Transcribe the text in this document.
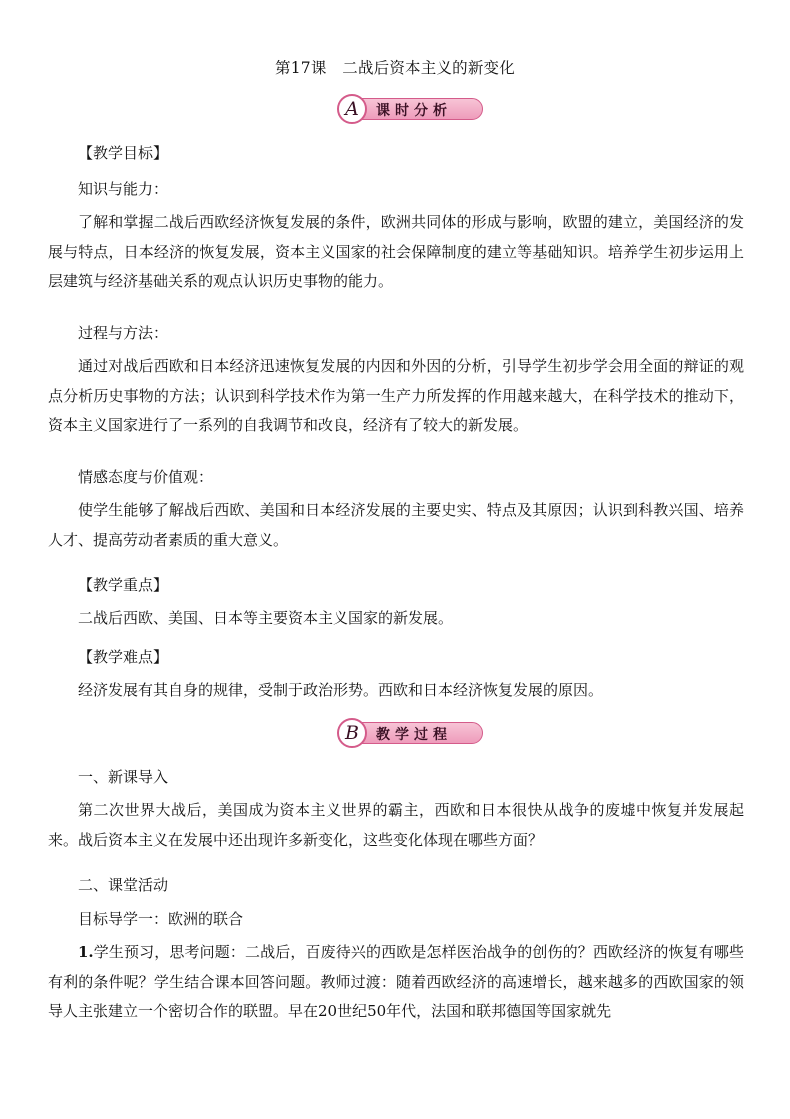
第17课　二战后资本主义的新变化
课时分析
A
【教学目标】
知识与能力：
了解和掌握二战后西欧经济恢复发展的条件，欧洲共同体的形成与影响，欧盟的建立，美国经济的发展与特点，日本经济的恢复发展，资本主义国家的社会保障制度的建立等基础知识。培养学生初步运用上层建筑与经济基础关系的观点认识历史事物的能力。
过程与方法：
通过对战后西欧和日本经济迅速恢复发展的内因和外因的分析，引导学生初步学会用全面的辩证的观点分析历史事物的方法；认识到科学技术作为第一生产力所发挥的作用越来越大，在科学技术的推动下，资本主义国家进行了一系列的自我调节和改良，经济有了较大的新发展。
情感态度与价值观：
使学生能够了解战后西欧、美国和日本经济发展的主要史实、特点及其原因；认识到科教兴国、培养人才、提高劳动者素质的重大意义。
【教学重点】
二战后西欧、美国、日本等主要资本主义国家的新发展。
【教学难点】
经济发展有其自身的规律，受制于政治形势。西欧和日本经济恢复发展的原因。
教学过程
B
一、新课导入
第二次世界大战后，美国成为资本主义世界的霸主，西欧和日本很快从战争的废墟中恢复并发展起来。战后资本主义在发展中还出现许多新变化，这些变化体现在哪些方面？
二、课堂活动
目标导学一：欧洲的联合
1.学生预习，思考问题：二战后，百废待兴的西欧是怎样医治战争的创伤的？西欧经济的恢复有哪些有利的条件呢？学生结合课本回答问题。教师过渡：随着西欧经济的高速增长，越来越多的西欧国家的领导人主张建立一个密切合作的联盟。早在20世纪50年代，法国和联邦德国等国家就先
